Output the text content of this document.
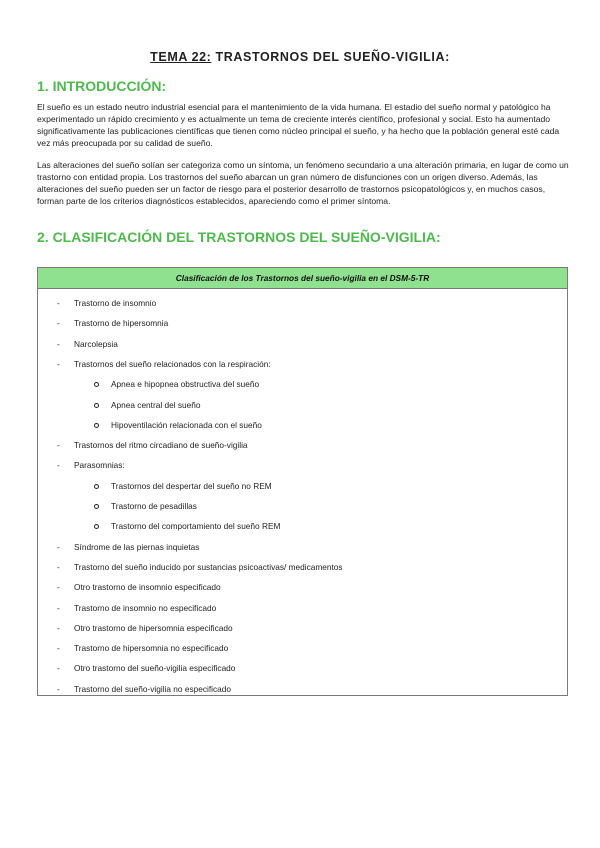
TEMA 22: TRASTORNOS DEL SUEÑO-VIGILIA:
1. INTRODUCCIÓN:

El sueño es un estado neutro industrial esencial para el mantenimiento de la vida humana. El estadio del sueño normal y patológico ha experimentado un rápido crecimiento y es actualmente un tema de creciente interés científico, profesional y social. Esto ha aumentado significativamente las publicaciones científicas que tienen como núcleo principal el sueño, y ha hecho que la población general esté cada vez más preocupada por su calidad de sueño.

Las alteraciones del sueño solían ser categoriza como un síntoma, un fenómeno secundario a una alteración primaria, en lugar de como un trastorno con entidad propia. Los trastornos del sueño abarcan un gran número de disfunciones con un origen diverso. Además, las alteraciones del sueño pueden ser un factor de riesgo para el posterior desarrollo de trastornos psicopatológicos y, en muchos casos, forman parte de los criterios diagnósticos establecidos, apareciendo como el primer síntoma.

2. CLASIFICACIÓN DEL TRASTORNOS DEL SUEÑO-VIGILIA:
Clasificación de los Trastornos del sueño-vigilia en el DSM-5-TR
- Trastorno de insomnio
- Trastorno de hipersomnia
- Narcolepsia
- Trastornos del sueño relacionados con la respiración:
Apnea e hipopnea obstructiva del sueño
Apnea central del sueño
Hipoventilación relacionada con el sueño
- Trastornos del ritmo circadiano de sueño-vigilia
- Parasomnias:
Trastornos del despertar del sueño no REM
Trastorno de pesadillas
Trastorno del comportamiento del sueño REM
- Síndrome de las piernas inquietas
- Trastorno del sueño inducido por sustancias psicoactivas/ medicamentos
- Otro trastorno de insomnio especificado
- Trastorno de insomnio no especificado
- Otro trastorno de hipersomnia especificado
- Trastorno de hipersomnia no especificado
- Otro trastorno del sueño-vigilia especificado
- Trastorno del sueño-vigilia no especificado
